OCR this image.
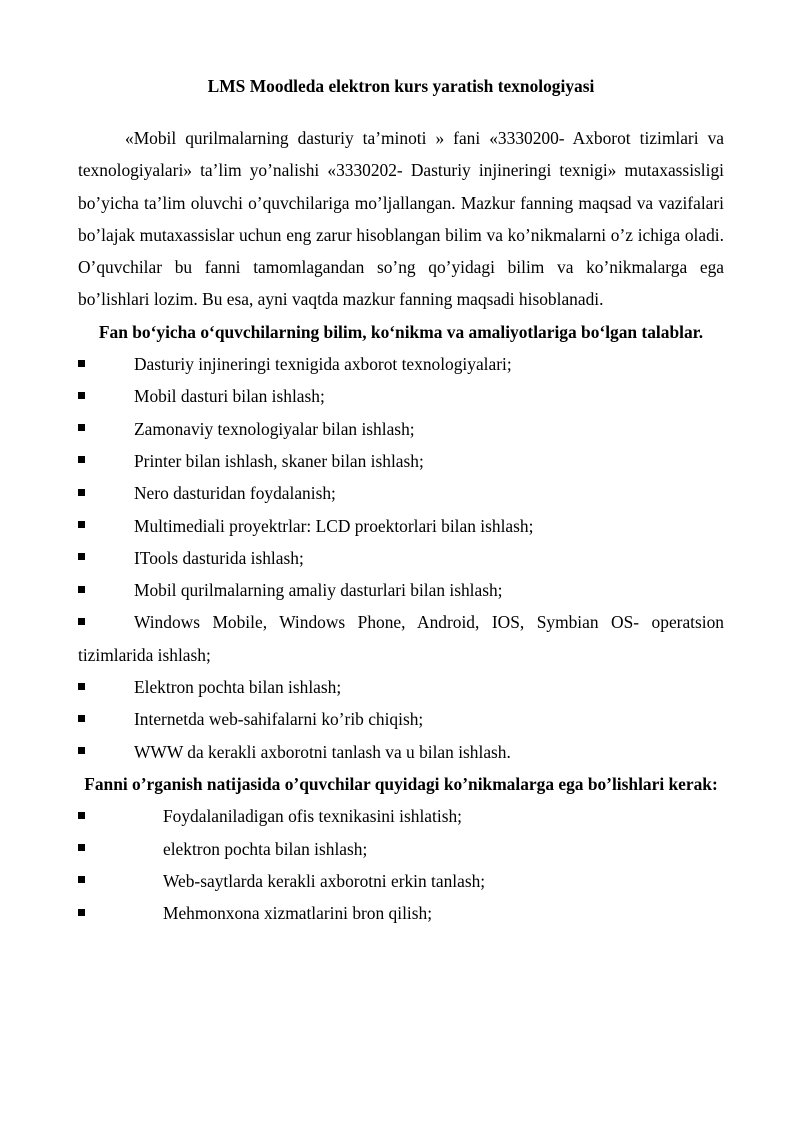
LMS Moodleda elektron kurs yaratish texnologiyasi

«Mobil qurilmalarning dasturiy ta’minoti » fani «3330200- Axborot tizimlari va texnologiyalari» ta’lim yo’nalishi «3330202- Dasturiy injineringi texnigi» mutaxassisligi bo’yicha ta’lim oluvchi o’quvchilariga mo’ljallangan. Mazkur fanning maqsad va vazifalari bo’lajak mutaxassislar uchun eng zarur hisoblangan bilim va ko’nikmalarni o’z ichiga oladi. O’quvchilar bu fanni tamomlagandan so’ng qo’yidagi bilim va ko’nikmalarga ega bo’lishlari lozim. Bu esa, ayni vaqtda mazkur fanning maqsadi hisoblanadi.

Fan boʻyicha oʻquvchilarning bilim, koʻnikma va amaliyotlariga boʻlgan talablar.

Dasturiy injineringi texnigida axborot texnologiyalari;
Mobil dasturi bilan ishlash;
Zamonaviy texnologiyalar bilan ishlash;
Printer bilan ishlash, skaner bilan ishlash;
Nero dasturidan foydalanish;
Multimediali proyektrlar: LCD proektorlari bilan ishlash;
ITools dasturida ishlash;
Mobil qurilmalarning amaliy dasturlari bilan ishlash;
Windows Mobile, Windows Phone, Android, IOS, Symbian OS- operatsion tizimlarida ishlash;
Elektron pochta bilan ishlash;
Internetda web-sahifalarni ko’rib chiqish;
WWW da kerakli axborotni tanlash va u bilan ishlash.

Fanni o’rganish natijasida o’quvchilar quyidagi ko’nikmalarga ega bo’lishlari kerak:

Foydalaniladigan ofis texnikasini ishlatish;
elektron pochta bilan ishlash;
Web-saytlarda kerakli axborotni erkin tanlash;
Mehmonxona xizmatlarini bron qilish;
